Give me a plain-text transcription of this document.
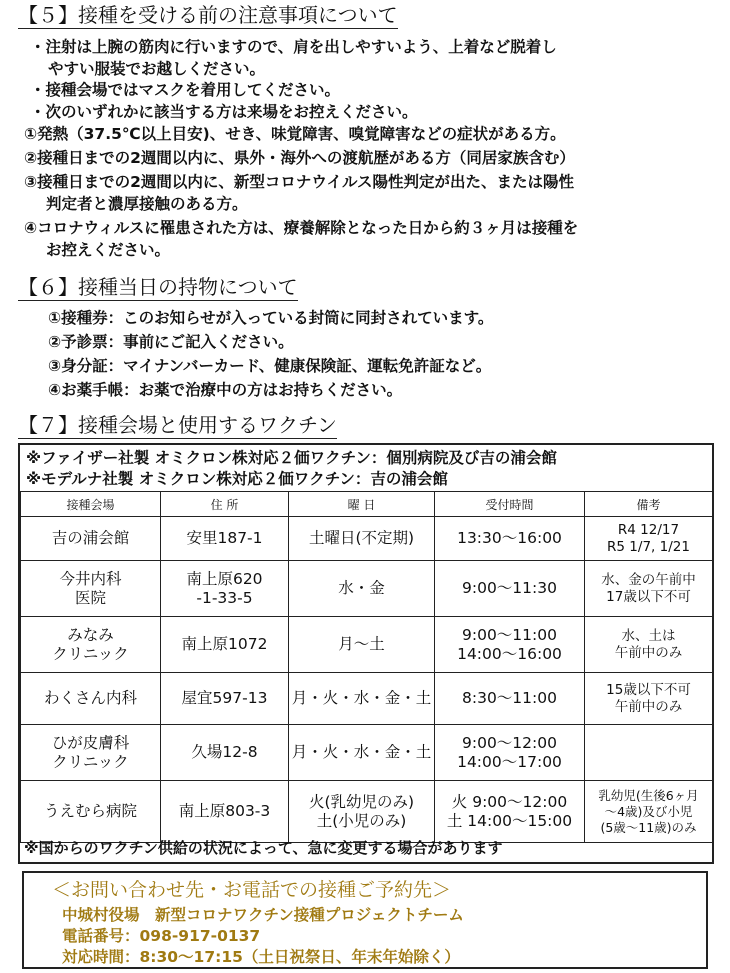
【５】接種を受ける前の注意事項について
・注射は上腕の筋肉に行いますので、肩を出しやすいよう、上着など脱着し
やすい服装でお越しください。
・接種会場ではマスクを着用してください。
・次のいずれかに該当する方は来場をお控えください。
①発熱（37.5℃以上目安)、せき、味覚障害、嗅覚障害などの症状がある方。
②接種日までの2週間以内に、県外・海外への渡航歴がある方（同居家族含む）
③接種日までの2週間以内に、新型コロナウイルス陽性判定が出た、または陽性
判定者と濃厚接触のある方。
④コロナウィルスに罹患された方は、療養解除となった日から約３ヶ月は接種を
お控えください。
【６】接種当日の持物について
①接種券：このお知らせが入っている封筒に同封されています。
②予診票：事前にご記入ください。
③身分証：マイナンバーカード、健康保険証、運転免許証など。
④お薬手帳：お薬で治療中の方はお持ちください。
【７】接種会場と使用するワクチン
※ファイザー社製 オミクロン株対応２価ワクチン：個別病院及び吉の浦会館
※モデルナ社製 オミクロン株対応２価ワクチン：吉の浦会館
接種会場	住 所	曜 日	受付時間	備考

吉の浦会館	安里187-1	土曜日(不定期)	13:30～16:00	R4 12/17
R5 1/7, 1/21

今井内科
医院	南上原620
-1-33-5	水・金	9:00～11:30	水、金の午前中
17歳以下不可

みなみ
クリニック	南上原1072	月～土	9:00～11:00
14:00～16:00	水、土は
午前中のみ

わくさん内科	屋宜597-13	月・火・水・金・土	8:30～11:00	15歳以下不可
午前中のみ

ひが皮膚科
クリニック	久場12-8	月・火・水・金・土	9:00～12:00
14:00～17:00	

うえむら病院	南上原803-3	火(乳幼児のみ)
土(小児のみ)	火 9:00～12:00
土 14:00～15:00	乳幼児(生後6ヶ月
～4歳)及び小児
(5歳～11歳)のみ
※国からのワクチン供給の状況によって、急に変更する場合があります
＜お問い合わせ先・お電話での接種ご予約先＞
中城村役場　新型コロナワクチン接種プロジェクトチーム
電話番号：098-917-0137
対応時間：8:30～17:15（土日祝祭日、年末年始除く）
